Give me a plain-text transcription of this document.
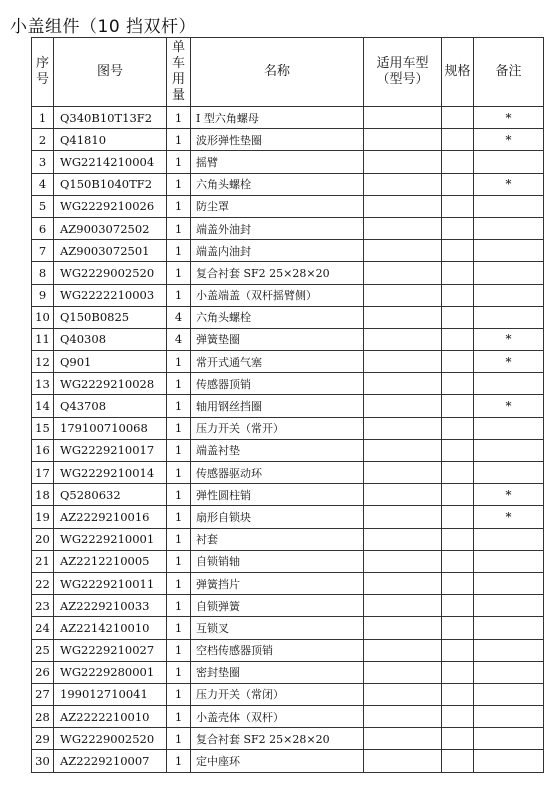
小盖组件（10 挡双杆）
序号	图号	单车用量	名称	适用车型（型号）	规格	备注
1	Q340B10T13F2	1	I 型六角螺母			*
2	Q41810	1	波形弹性垫圈			*
3	WG2214210004	1	摇臂			
4	Q150B1040TF2	1	六角头螺栓			*
5	WG2229210026	1	防尘罩			
6	AZ9003072502	1	端盖外油封			
7	AZ9003072501	1	端盖内油封			
8	WG2229002520	1	复合衬套 SF2 25×28×20			
9	WG2222210003	1	小盖端盖（双杆摇臂侧）			
10	Q150B0825	4	六角头螺栓			
11	Q40308	4	弹簧垫圈			*
12	Q901	1	常开式通气塞			*
13	WG2229210028	1	传感器顶销			
14	Q43708	1	轴用钢丝挡圈			*
15	179100710068	1	压力开关（常开）			
16	WG2229210017	1	端盖衬垫			
17	WG2229210014	1	传感器驱动环			
18	Q5280632	1	弹性圆柱销			*
19	AZ2229210016	1	扇形自锁块			*
20	WG2229210001	1	衬套			
21	AZ2212210005	1	自锁销轴			
22	WG2229210011	1	弹簧挡片			
23	AZ2229210033	1	自锁弹簧			
24	AZ2214210010	1	互锁叉			
25	WG2229210027	1	空档传感器顶销			
26	WG2229280001	1	密封垫圈			
27	199012710041	1	压力开关（常闭）			
28	AZ2222210010	1	小盖壳体（双杆）			
29	WG2229002520	1	复合衬套 SF2 25×28×20			
30	AZ2229210007	1	定中座环			
